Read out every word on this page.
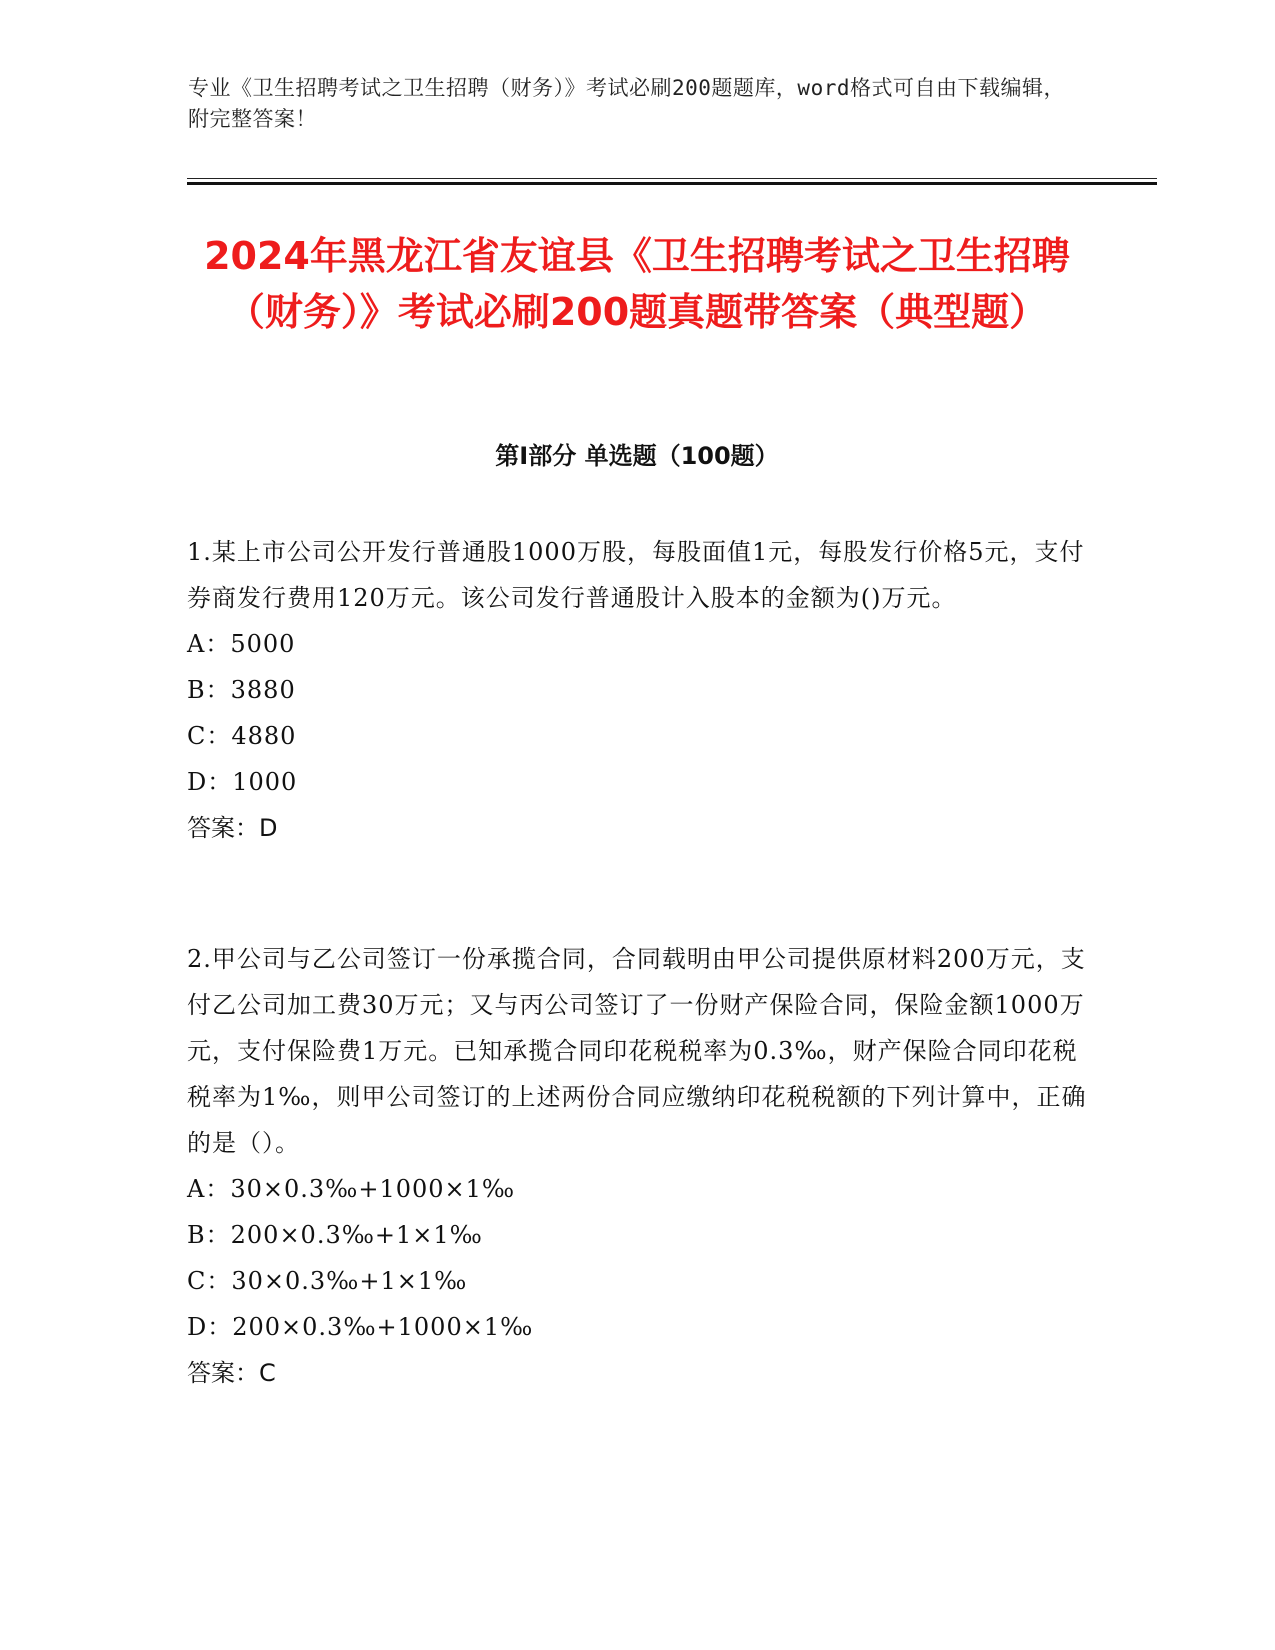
专业《卫生招聘考试之卫生招聘（财务）》考试必刷200题题库，word格式可自由下载编辑，附完整答案！
2024年黑龙江省友谊县《卫生招聘考试之卫生招聘（财务）》考试必刷200题真题带答案（典型题）
第Ⅰ部分 单选题（100题）

1.某上市公司公开发行普通股1000万股，每股面值1元，每股发行价格5元，支付券商发行费用120万元。该公司发行普通股计入股本的金额为()万元。

A：5000

B：3880

C：4880

D：1000

答案：D

2.甲公司与乙公司签订一份承揽合同，合同载明由甲公司提供原材料200万元，支付乙公司加工费30万元；又与丙公司签订了一份财产保险合同，保险金额1000万元，支付保险费1万元。已知承揽合同印花税税率为0.3‰，财产保险合同印花税税率为1‰，则甲公司签订的上述两份合同应缴纳印花税税额的下列计算中，正确的是（）。

A：30×0.3‰+1000×1‰

B：200×0.3‰+1×1‰

C：30×0.3‰+1×1‰

D：200×0.3‰+1000×1‰

答案：C
